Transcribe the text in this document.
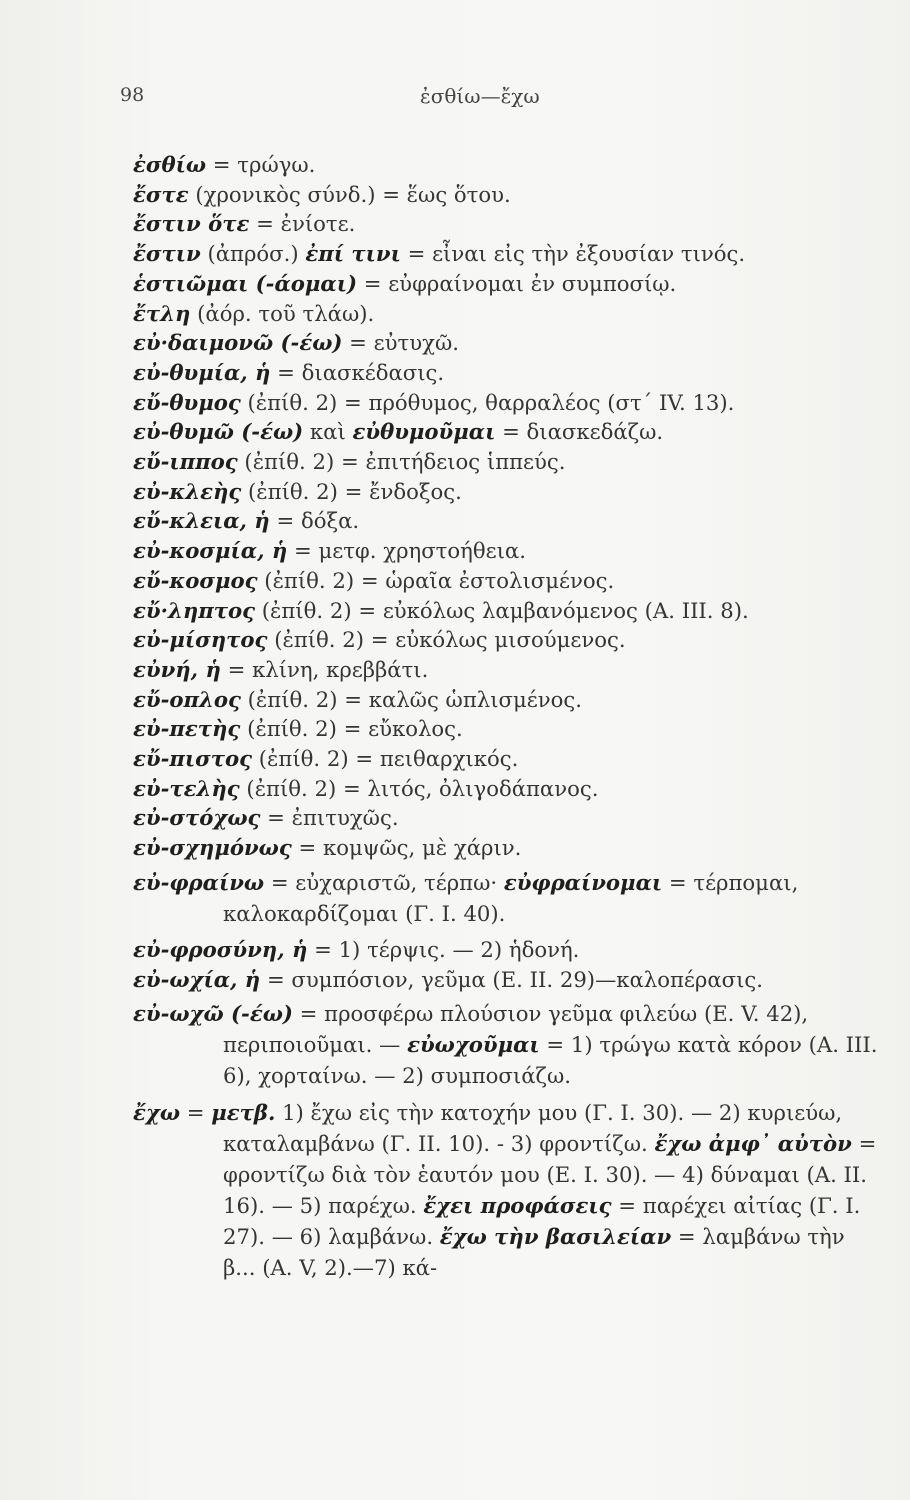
98	ἐσθίω—ἔχω
ἐσθίω = τρώγω.
ἔστε (χρονικὸς σύνδ.) = ἕως ὅτου.
ἔστιν ὅτε = ἐνίοτε.
ἔστιν (ἀπρόσ.) ἐπί τινι = εἶναι εἰς τὴν ἐξουσίαν τινός.
ἑστιῶμαι (-άομαι) = εὐφραίνομαι ἐν συμποσίῳ.
ἔτλη (ἀόρ. τοῦ τλάω).
εὐ·δαιμονῶ (-έω) = εὐτυχῶ.
εὐ-θυμία, ἡ = διασκέδασις.
εὔ-θυμος (ἐπίθ. 2) = πρόθυμος, θαρραλέος (στ΄ IV. 13).
εὐ-θυμῶ (-έω) καὶ εὐθυμοῦμαι = διασκεδάζω.
εὔ-ιππος (ἐπίθ. 2) = ἐπιτήδειος ἱππεύς.
εὐ-κλεὴς (ἐπίθ. 2) = ἔνδοξος.
εὔ-κλεια, ἡ = δόξα.
εὐ-κοσμία, ἡ = μετφ. χρηστοήθεια.
εὔ-κοσμος (ἐπίθ. 2) = ὡραῖα ἐστολισμένος.
εὔ·ληπτος (ἐπίθ. 2) = εὐκόλως λαμβανόμενος (Α. ΙΙΙ. 8).
εὐ-μίσητος (ἐπίθ. 2) = εὐκόλως μισούμενος.
εὐνή, ἡ = κλίνη, κρεββάτι.
εὔ-οπλος (ἐπίθ. 2) = καλῶς ὡπλισμένος.
εὐ-πετὴς (ἐπίθ. 2) = εὔκολος.
εὔ-πιστος (ἐπίθ. 2) = πειθαρχικός.
εὐ-τελὴς (ἐπίθ. 2) = λιτός, ὀλιγοδάπανος.
εὐ-στόχως = ἐπιτυχῶς.
εὐ-σχημόνως = κομψῶς, μὲ χάριν.
εὐ-φραίνω = εὐχαριστῶ, τέρπω· εὐφραίνομαι = τέρπομαι, καλοκαρδίζομαι (Γ. Ι. 40).
εὐ-φροσύνη, ἡ = 1) τέρψις. — 2) ἡδονή.
εὐ-ωχία, ἡ = συμπόσιον, γεῦμα (Ε. ΙΙ. 29)—καλοπέρασις.
εὐ-ωχῶ (-έω) = προσφέρω πλούσιον γεῦμα φιλεύω (Ε. V. 42), περιποιοῦμαι. — εὐωχοῦμαι = 1) τρώγω κατὰ κόρον (Α. ΙΙΙ. 6), χορταίνω. — 2) συμποσιάζω.
ἔχω = μετβ. 1) ἔχω εἰς τὴν κατοχήν μου (Γ. Ι. 30). — 2) κυριεύω, καταλαμβάνω (Γ. ΙΙ. 10). - 3) φροντίζω. ἔχω ἀμφ᾽ αὐτὸν = φροντίζω διὰ τὸν ἑαυτόν μου (Ε. Ι. 30). — 4) δύναμαι (Α. ΙΙ. 16). — 5) παρέχω. ἔχει προφάσεις = παρέχει αἰτίας (Γ. Ι. 27). — 6) λαμβάνω. ἔχω τὴν βασιλείαν = λαμβάνω τὴν β... (Α. V, 2).—7) κά-
